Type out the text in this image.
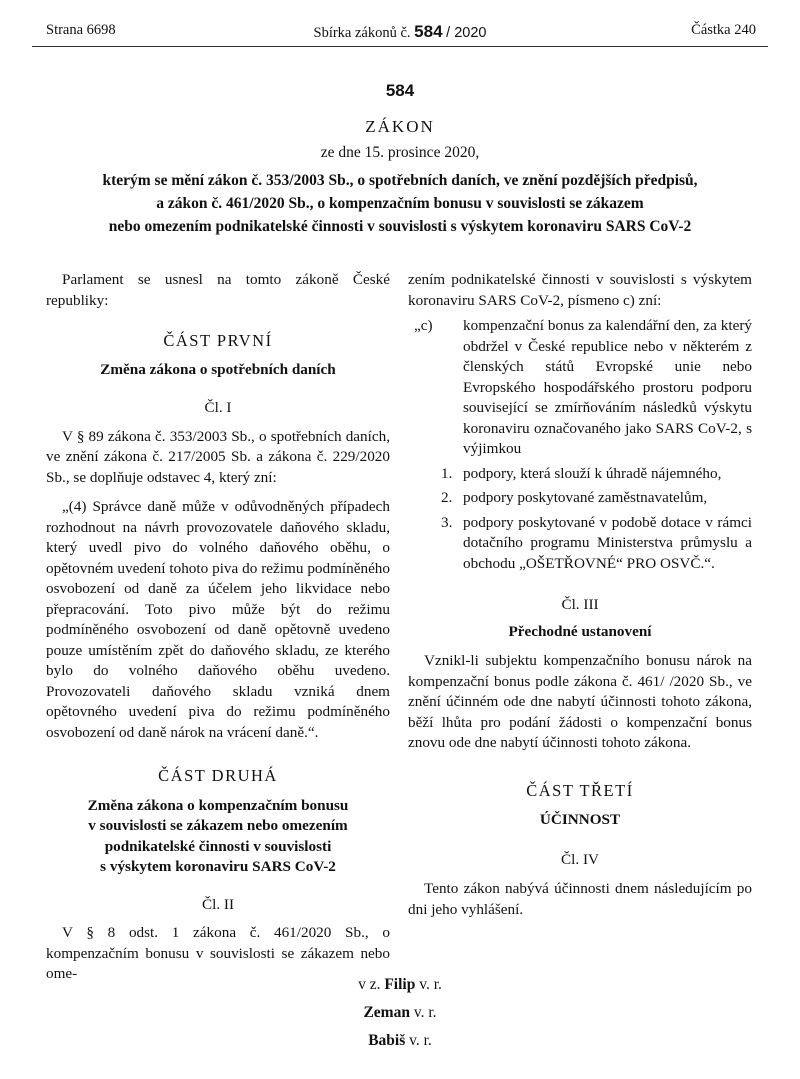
Strana 6698	Sbírka zákonů č. 584 / 2020	Částka 240
584
ZÁKON
ze dne 15. prosince 2020,
kterým se mění zákon č. 353/2003 Sb., o spotřebních daních, ve znění pozdějších předpisů,
a zákon č. 461/2020 Sb., o kompenzačním bonusu v souvislosti se zákazem
nebo omezením podnikatelské činnosti v souvislosti s výskytem koronaviru SARS CoV-2

Parlament se usnesl na tomto zákoně České republiky:

ČÁST PRVNÍ
Změna zákona o spotřebních daních
Čl. I

V § 89 zákona č. 353/2003 Sb., o spotřebních daních, ve znění zákona č. 217/2005 Sb. a zákona č. 229/2020 Sb., se doplňuje odstavec 4, který zní:

„(4) Správce daně může v odůvodněných případech rozhodnout na návrh provozovatele daňového skladu, který uvedl pivo do volného daňového oběhu, o opětovném uvedení tohoto piva do režimu podmíněného osvobození od daně za účelem jeho likvidace nebo přepracování. Toto pivo může být do režimu podmíněného osvobození od daně opětovně uvedeno pouze umístěním zpět do daňového skladu, ze kterého bylo do volného daňového oběhu uvedeno. Provozovateli daňového skladu vzniká dnem opětovného uvedení piva do režimu podmíněného osvobození od daně nárok na vrácení daně.“.

ČÁST DRUHÁ
Změna zákona o kompenzačním bonusu
v souvislosti se zákazem nebo omezením
podnikatelské činnosti v souvislosti
s výskytem koronaviru SARS CoV-2
Čl. II

V § 8 odst. 1 zákona č. 461/2020 Sb., o kompenzačním bonusu v souvislosti se zákazem nebo ome-

zením podnikatelské činnosti v souvislosti s výskytem koronaviru SARS CoV-2, písmeno c) zní:

„c) kompenzační bonus za kalendářní den, za který obdržel v České republice nebo v některém z členských států Evropské unie nebo Evropského hospodářského prostoru podporu související se zmírňováním následků výskytu koronaviru označovaného jako SARS CoV-2, s výjimkou
1. podpory, která slouží k úhradě nájemného,
2. podpory poskytované zaměstnavatelům,
3. podpory poskytované v podobě dotace v rámci dotačního programu Ministerstva průmyslu a obchodu „OŠETŘOVNÉ“ PRO OSVČ.“.
Čl. III
Přechodné ustanovení

Vznikl-li subjektu kompenzačního bonusu nárok na kompenzační bonus podle zákona č. 461/ /2020 Sb., ve znění účinném ode dne nabytí účinnosti tohoto zákona, běží lhůta pro podání žádosti o kompenzační bonus znovu ode dne nabytí účinnosti tohoto zákona.

ČÁST TŘETÍ
ÚČINNOST
Čl. IV

Tento zákon nabývá účinnosti dnem následujícím po dni jeho vyhlášení.

v z. Filip v. r.
Zeman v. r.
Babiš v. r.
